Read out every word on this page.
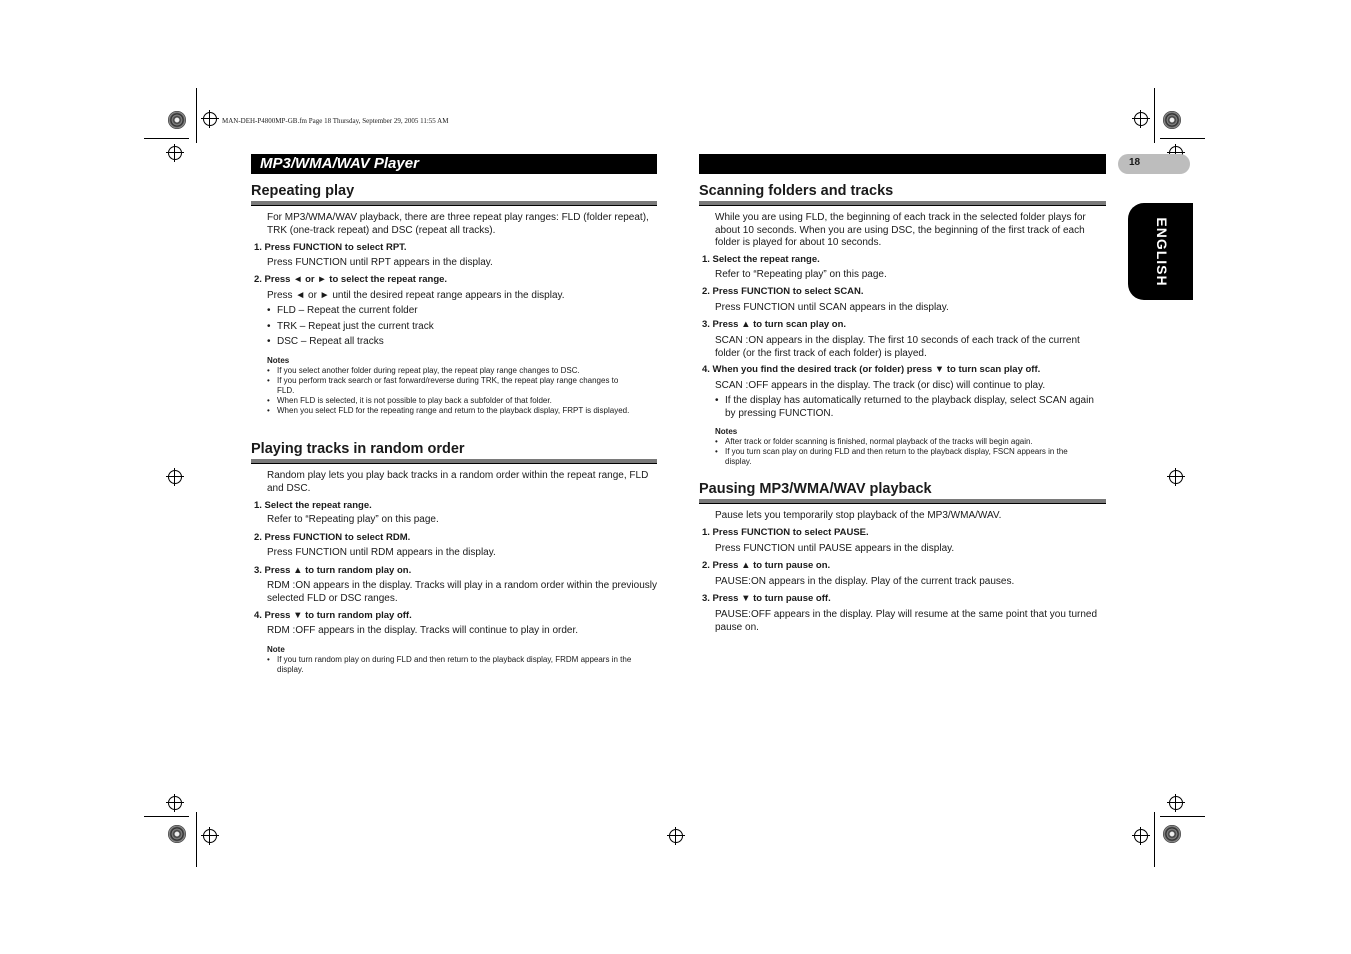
MAN-DEH-P4800MP-GB.fm Page 18 Thursday, September 29, 2005 11:55 AM
MP3/WMA/WAV Player	18
ENGLISH
Repeating play
For MP3/WMA/WAV playback, there are three repeat play ranges: FLD (folder repeat), TRK (one-track repeat) and DSC (repeat all tracks).
1. Press FUNCTION to select RPT.
Press FUNCTION until RPT appears in the display.
2. Press ◄ or ► to select the repeat range.
Press ◄ or ► until the desired repeat range appears in the display.
• FLD – Repeat the current folder
• TRK – Repeat just the current track
• DSC – Repeat all tracks
Notes
• If you select another folder during repeat play, the repeat play range changes to DSC.
• If you perform track search or fast forward/reverse during TRK, the repeat play range changes to FLD.
• When FLD is selected, it is not possible to play back a subfolder of that folder.
• When you select FLD for the repeating range and return to the playback display, FRPT is displayed.
Playing tracks in random order
Random play lets you play back tracks in a random order within the repeat range, FLD and DSC.
1. Select the repeat range.
Refer to “Repeating play” on this page.
2. Press FUNCTION to select RDM.
Press FUNCTION until RDM appears in the display.
3. Press ▲ to turn random play on.
RDM :ON appears in the display. Tracks will play in a random order within the previously selected FLD or DSC ranges.
4. Press ▼ to turn random play off.
RDM :OFF appears in the display. Tracks will continue to play in order.
Note
• If you turn random play on during FLD and then return to the playback display, FRDM appears in the display.
Scanning folders and tracks
While you are using FLD, the beginning of each track in the selected folder plays for about 10 seconds. When you are using DSC, the beginning of the first track of each folder is played for about 10 seconds.
1. Select the repeat range.
Refer to “Repeating play” on this page.
2. Press FUNCTION to select SCAN.
Press FUNCTION until SCAN appears in the display.
3. Press ▲ to turn scan play on.
SCAN :ON appears in the display. The first 10 seconds of each track of the current folder (or the first track of each folder) is played.
4. When you find the desired track (or folder) press ▼ to turn scan play off.
SCAN :OFF appears in the display. The track (or disc) will continue to play.
• If the display has automatically returned to the playback display, select SCAN again by pressing FUNCTION.
Notes
• After track or folder scanning is finished, normal playback of the tracks will begin again.
• If you turn scan play on during FLD and then return to the playback display, FSCN appears in the display.
Pausing MP3/WMA/WAV playback
Pause lets you temporarily stop playback of the MP3/WMA/WAV.
1. Press FUNCTION to select PAUSE.
Press FUNCTION until PAUSE appears in the display.
2. Press ▲ to turn pause on.
PAUSE:ON appears in the display. Play of the current track pauses.
3. Press ▼ to turn pause off.
PAUSE:OFF appears in the display. Play will resume at the same point that you turned pause on.
